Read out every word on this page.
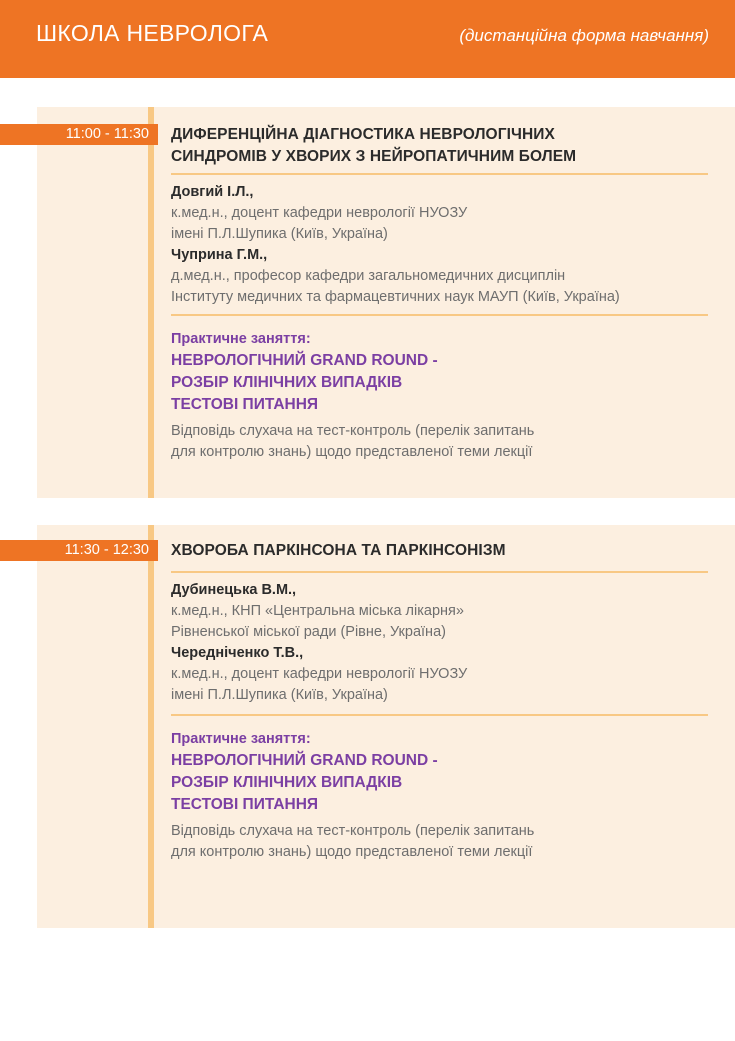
ШКОЛА НЕВРОЛОГА	(дистанційна форма навчання)
11:00 - 11:30	ДИФЕРЕНЦІЙНА ДІАГНОСТИКА НЕВРОЛОГІЧНИХ
СИНДРОМІВ У ХВОРИХ З НЕЙРОПАТИЧНИМ БОЛЕМ
Довгий І.Л.,
к.мед.н., доцент кафедри неврології НУОЗУ
імені П.Л.Шупика (Київ, Україна)
Чуприна Г.М.,
д.мед.н., професор кафедри загальномедичних дисциплін
Інституту медичних та фармацевтичних наук МАУП (Київ, Україна)
Практичне заняття:
НЕВРОЛОГІЧНИЙ GRAND ROUND -
РОЗБІР КЛІНІЧНИХ ВИПАДКІВ
ТЕСТОВІ ПИТАННЯ
Відповідь слухача на тест-контроль (перелік запитань
для контролю знань) щодо представленої теми лекції
11:30 - 12:30	ХВОРОБА ПАРКІНСОНА ТА ПАРКІНСОНІЗМ
Дубинецька В.М.,
к.мед.н., КНП «Центральна міська лікарня»
Рівненської міської ради (Рівне, Україна)
Чередніченко Т.В.,
к.мед.н., доцент кафедри неврології НУОЗУ
імені П.Л.Шупика (Київ, Україна)
Практичне заняття:
НЕВРОЛОГІЧНИЙ GRAND ROUND -
РОЗБІР КЛІНІЧНИХ ВИПАДКІВ
ТЕСТОВІ ПИТАННЯ
Відповідь слухача на тест-контроль (перелік запитань
для контролю знань) щодо представленої теми лекції
